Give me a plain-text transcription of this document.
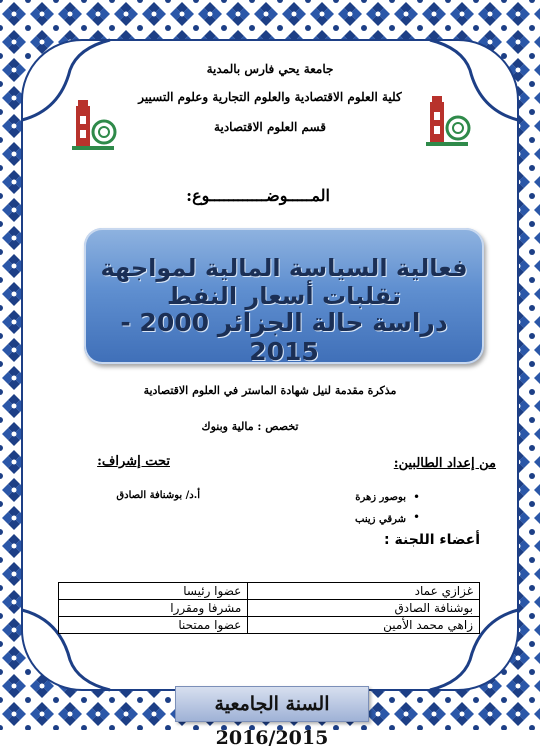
جامعة يحي فارس بالمدية
كلية العلوم الاقتصادية والعلوم التجارية وعلوم التسيير
قسم العلوم الاقتصادية
المـــــوضــــــــــــوع:
فعالية السياسة المالية لمواجهة تقلبات أسعار النفط
دراسة حالة الجزائر 2000 - 2015
مذكرة مقدمة لنيل شهادة الماستر في العلوم الاقتصادية
تخصص : مالية وبنوك
من إعداد الطالبين:
تحت إشراف:
•
بوصور زهرة
•
شرقي زينب
أ.د/ بوشنافة الصادق
أعضاء اللجنة :
غزازي عماد	عضوا رئيسا
بوشنافة الصادق	مشرفا ومقررا
زاهي محمد الأمين	عضوا ممتحنا
السنة الجامعية 2016/2015
